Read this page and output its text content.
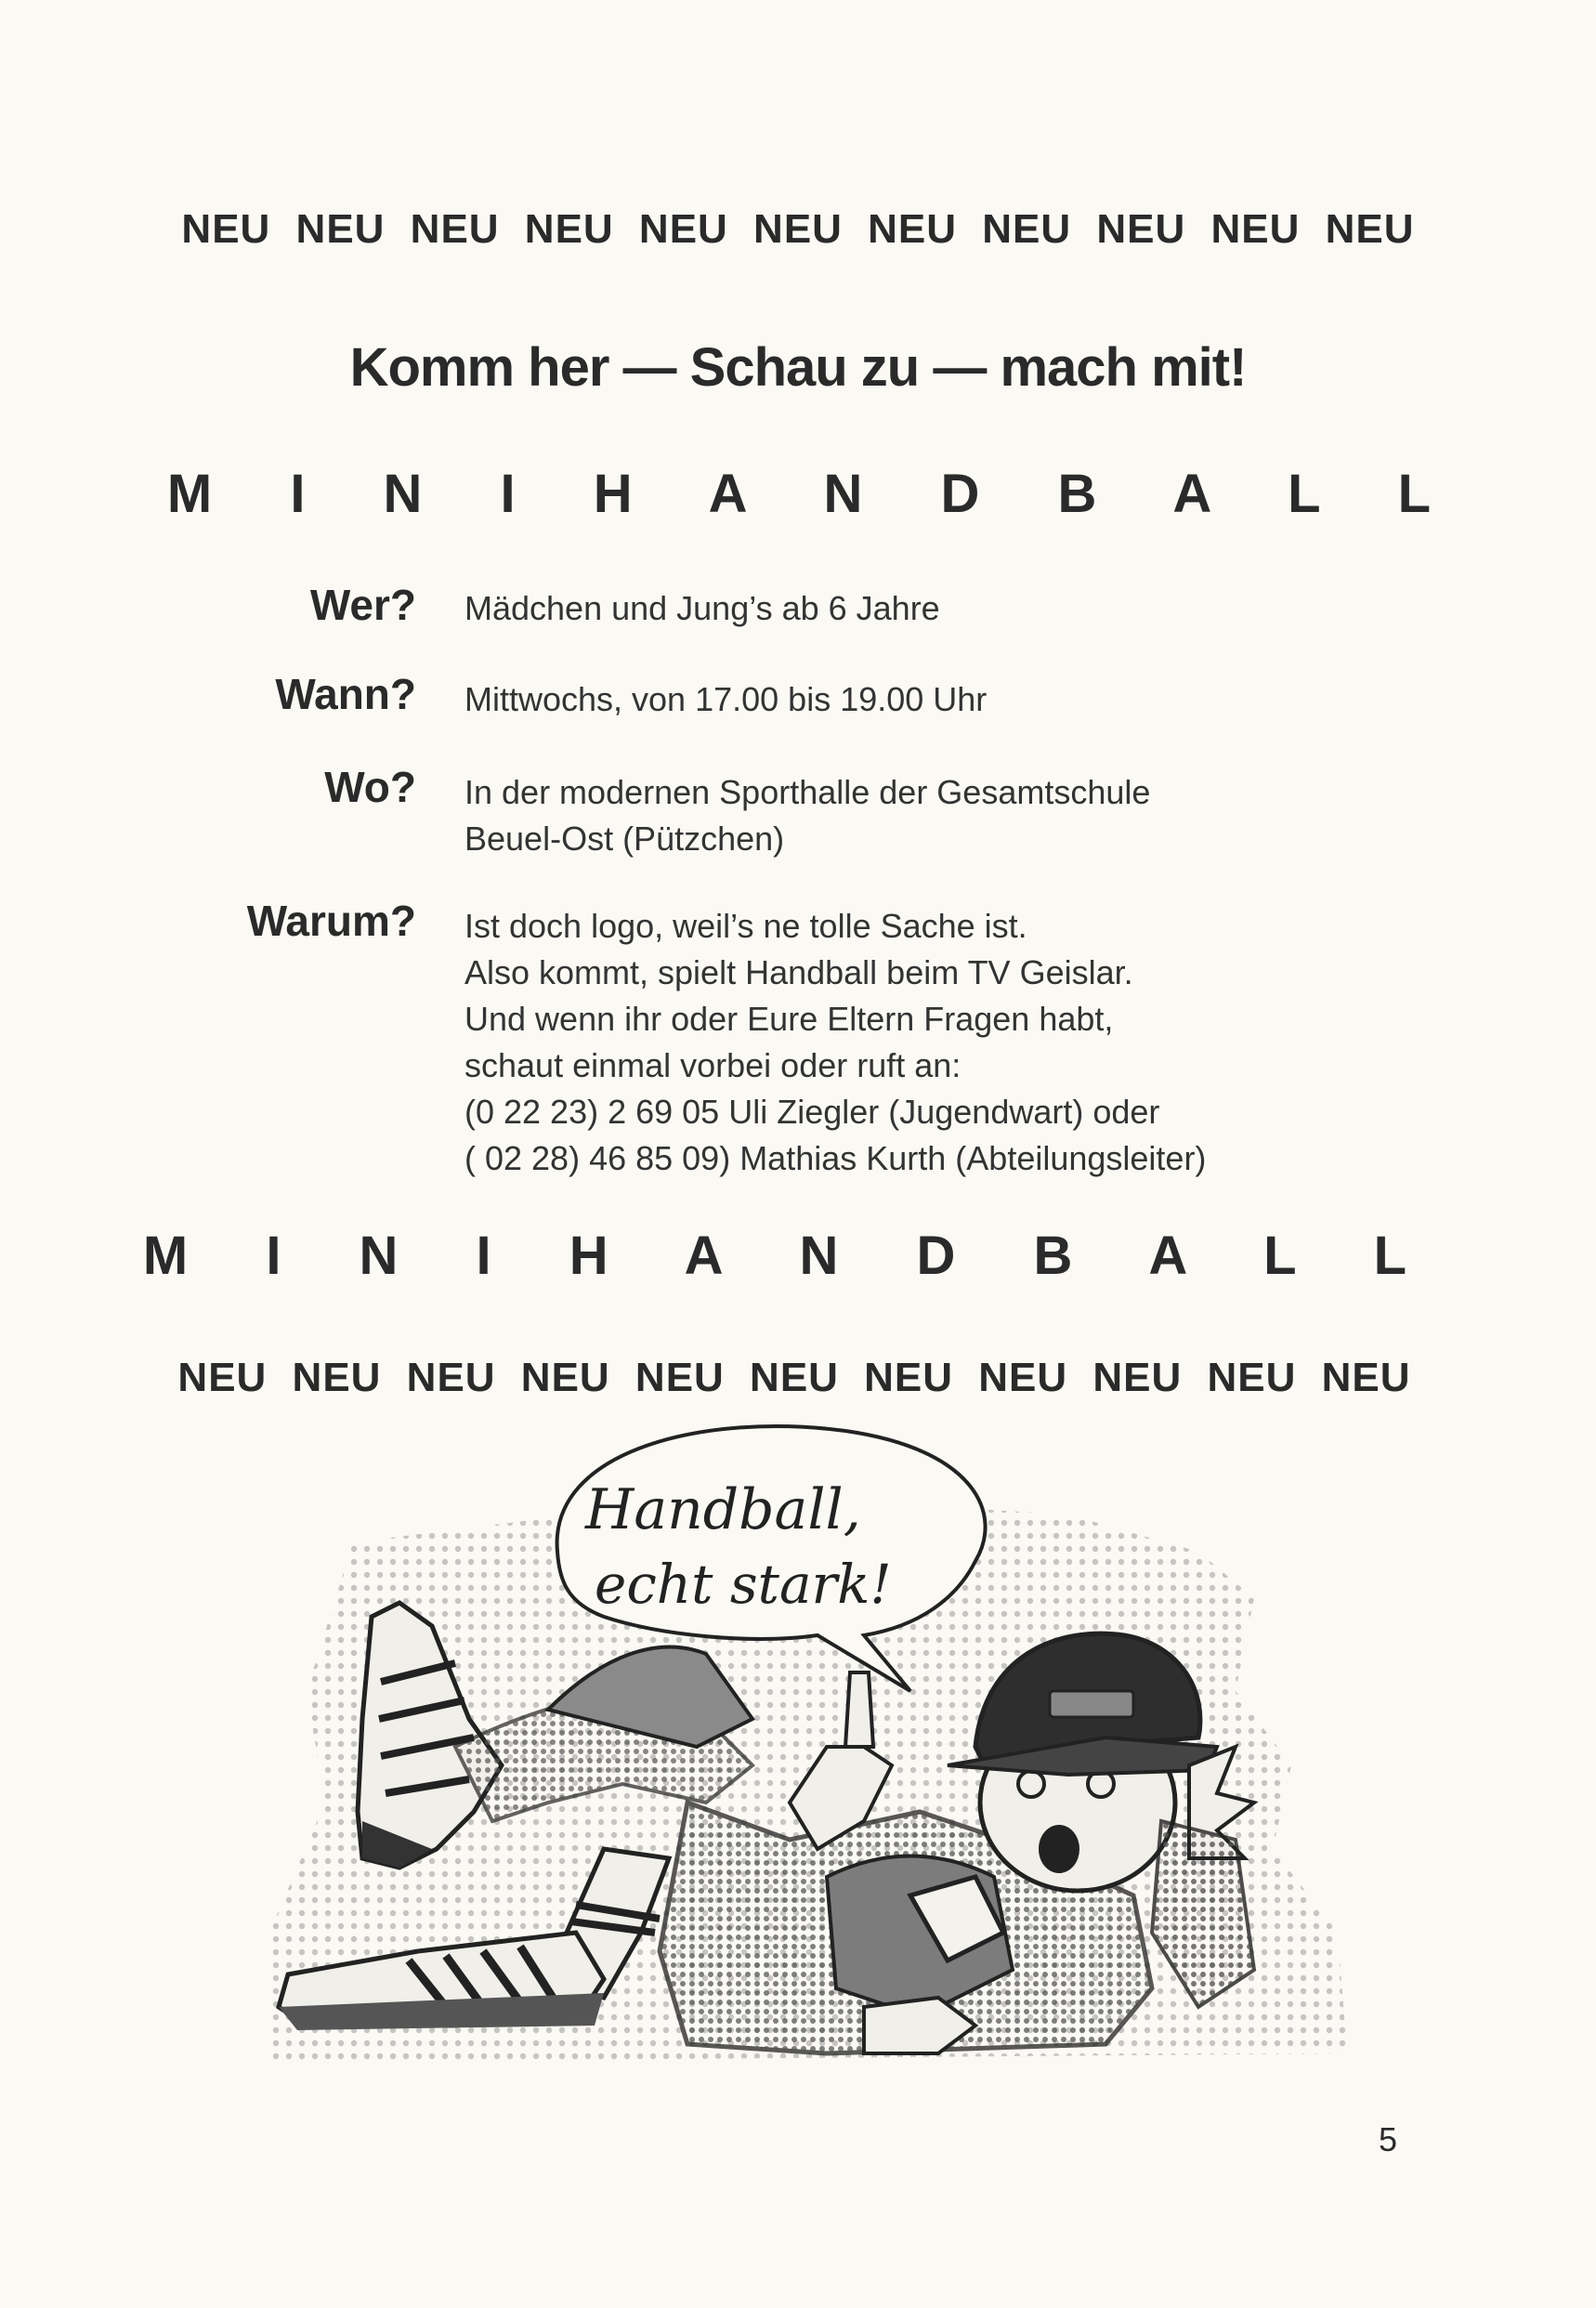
NEU NEU NEU NEU NEU NEU NEU NEU NEU NEU NEU
Komm her — Schau zu — mach mit!
M I N I H A N D B A L L
Wer? Mädchen und Jung’s ab 6 Jahre
Wann? Mittwochs, von 17.00 bis 19.00 Uhr
Wo? In der modernen Sporthalle der Gesamtschule
Beuel-Ost (Pützchen)
Warum? Ist doch logo, weil’s ne tolle Sache ist.
Also kommt, spielt Handball beim TV Geislar.
Und wenn ihr oder Eure Eltern Fragen habt,
schaut einmal vorbei oder ruft an:
(0 22 23) 2 69 05 Uli Ziegler (Jugendwart) oder
( 02 28) 46 85 09) Mathias Kurth (Abteilungsleiter)
M I N I H A N D B A L L
NEU NEU NEU NEU NEU NEU NEU NEU NEU NEU NEU
Handball,
echt stark!
5
